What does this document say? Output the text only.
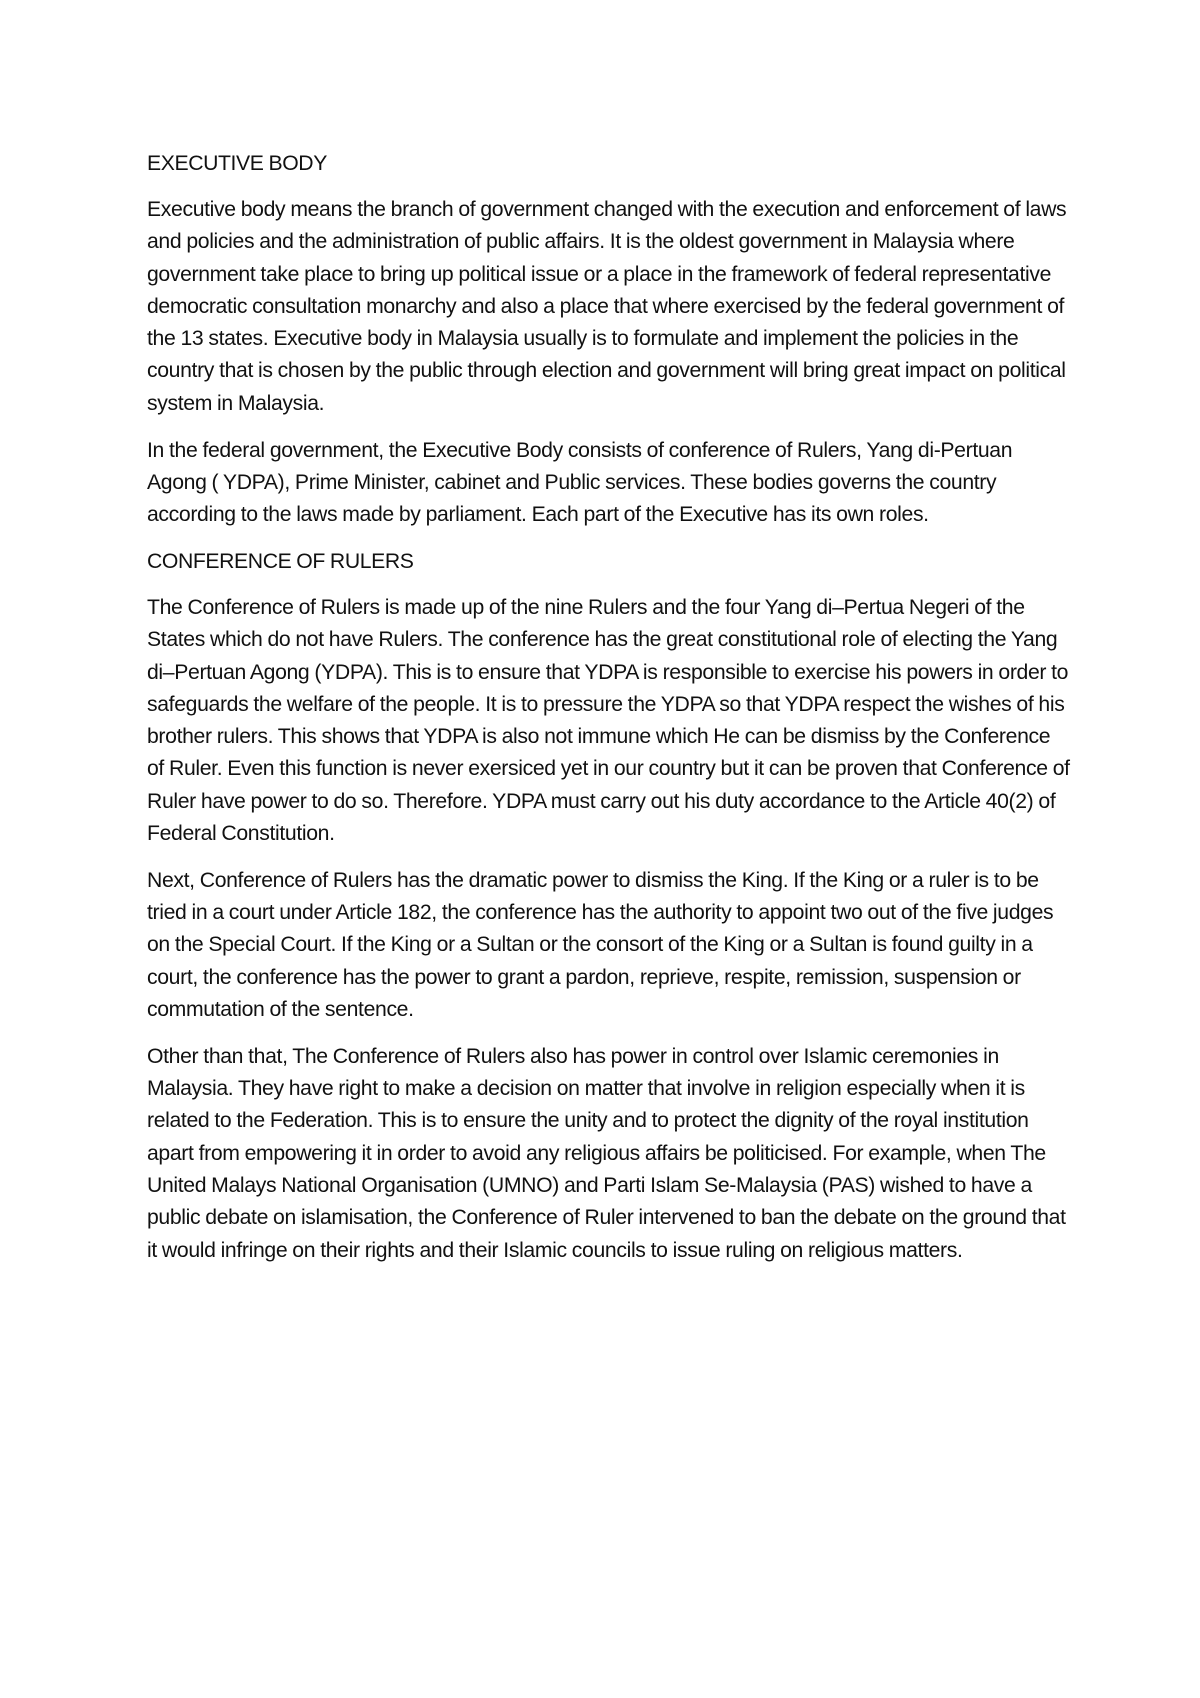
EXECUTIVE BODY
Executive body means the branch of government changed with the execution and enforcement of laws and policies and the administration of public affairs. It is the oldest government in Malaysia where government take place to bring up political issue or a place in the framework of federal representative democratic consultation monarchy and also a place that where exercised by the federal government of the 13 states. Executive body in Malaysia usually is to formulate and implement the policies in the country that is chosen by the public through election and government will bring great impact on political system in Malaysia.
In the federal government, the Executive Body consists of conference of Rulers, Yang di-Pertuan Agong ( YDPA), Prime Minister, cabinet and Public services. These bodies governs the country according to the laws made by parliament. Each part of the Executive has its own roles.
CONFERENCE OF RULERS
The Conference of Rulers is made up of the nine Rulers and the four Yang di–Pertua Negeri of the States which do not have Rulers. The conference has the great constitutional role of electing the Yang di–Pertuan Agong (YDPA). This is to ensure that YDPA is responsible to exercise his powers in order to safeguards the welfare of the people. It is to pressure the YDPA so that YDPA respect the wishes of his brother rulers. This shows that YDPA is also not immune which He can be dismiss by the Conference of Ruler. Even this function is never exersiced yet in our country but it can be proven that Conference of Ruler have power to do so. Therefore. YDPA must carry out his duty accordance to the Article 40(2) of Federal Constitution.
Next, Conference of Rulers has the dramatic power to dismiss the King. If the King or a ruler is to be tried in a court under Article 182, the conference has the authority to appoint two out of the five judges on the Special Court. If the King or a Sultan or the consort of the King or a Sultan is found guilty in a court, the conference has the power to grant a pardon, reprieve, respite, remission, suspension or commutation of the sentence.
Other than that, The Conference of Rulers also has power in control over Islamic ceremonies in Malaysia. They have right to make a decision on matter that involve in religion especially when it is related to the Federation. This is to ensure the unity and to protect the dignity of the royal institution apart from empowering it in order to avoid any religious affairs be politicised. For example, when The United Malays National Organisation (UMNO) and Parti Islam Se-Malaysia (PAS) wished to have a public debate on islamisation, the Conference of Ruler intervened to ban the debate on the ground that it would infringe on their rights and their Islamic councils to issue ruling on religious matters.
